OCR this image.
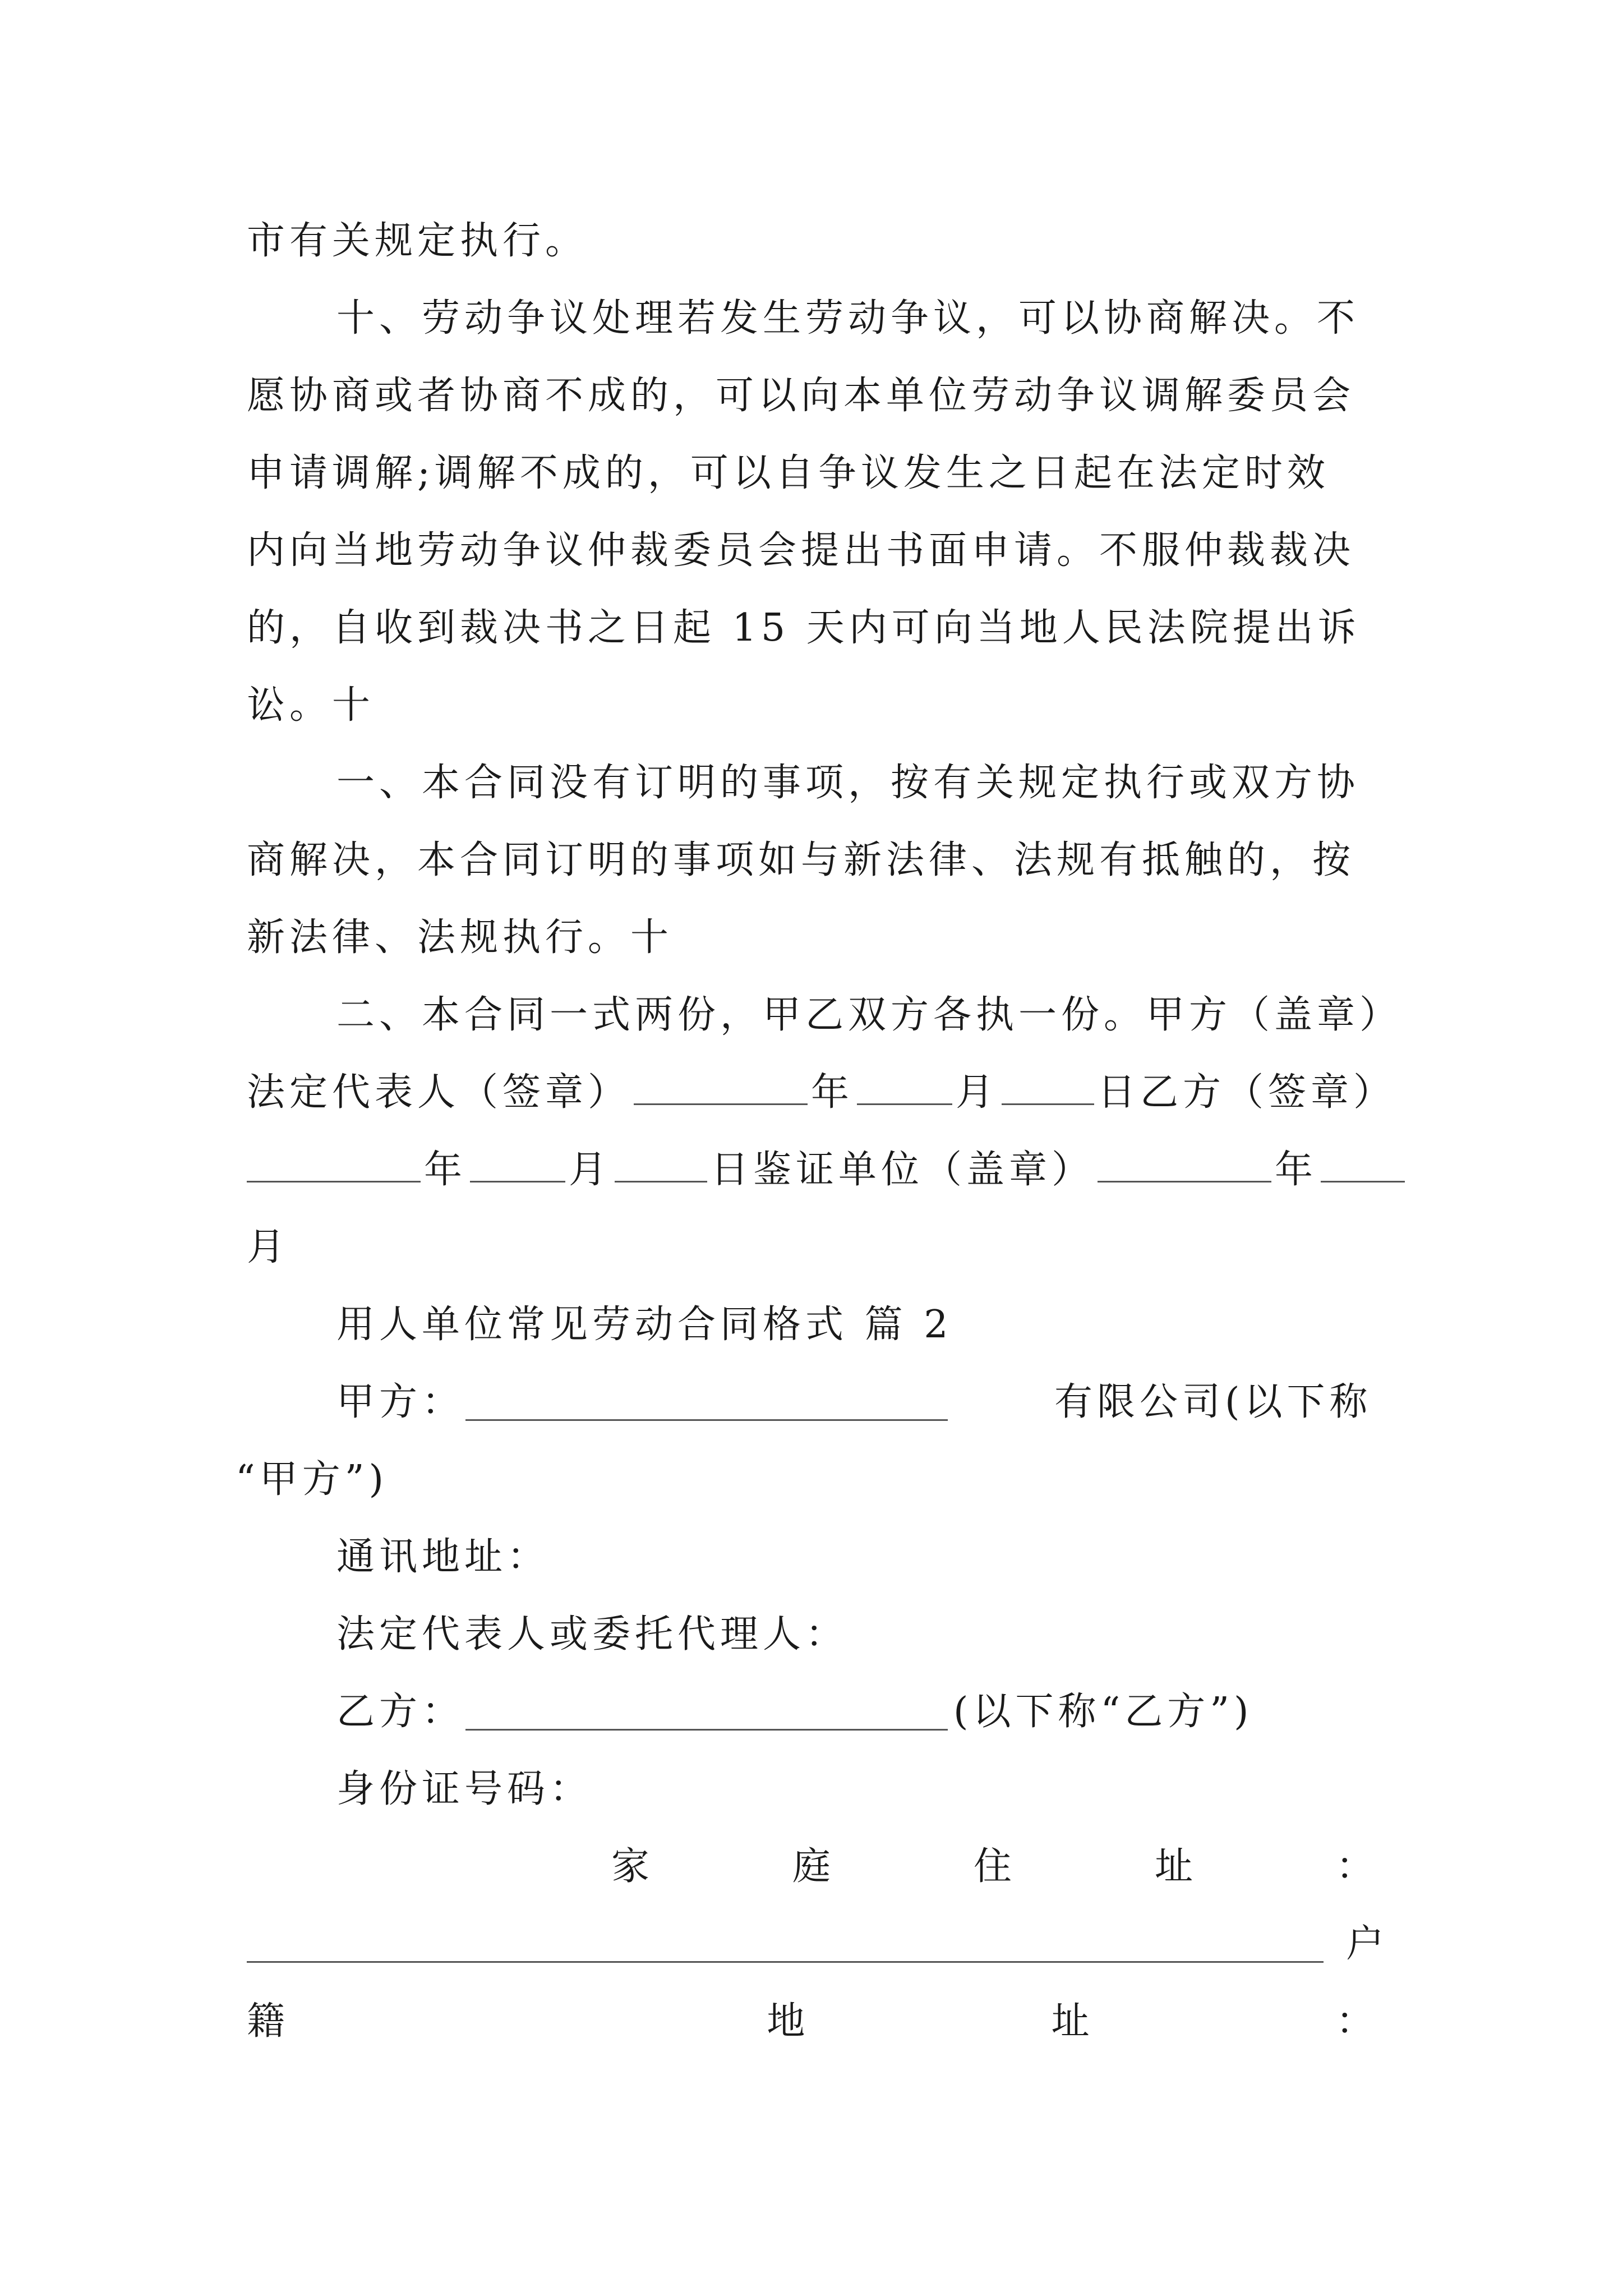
市有关规定执行。
十、劳动争议处理若发生劳动争议，可以协商解决。不
愿协商或者协商不成的，可以向本单位劳动争议调解委员会
申请调解;调解不成的，可以自争议发生之日起在法定时效
内向当地劳动争议仲裁委员会提出书面申请。不服仲裁裁决
的，自收到裁决书之日起 15 天内可向当地人民法院提出诉
讼。十
一、本合同没有订明的事项，按有关规定执行或双方协
商解决，本合同订明的事项如与新法律、法规有抵触的，按
新法律、法规执行。十
二、本合同一式两份，甲乙双方各执一份。甲方（盖章）
法定代表人（签章）	年	月	日乙方（签章）
年	月	日鉴证单位（盖章）	年
月
用人单位常见劳动合同格式 篇 2
甲方：	有限公司(以下称
“甲方”)
通讯地址：
法定代表人或委托代理人：
乙方：	(以下称“乙方”)
身份证号码：
家	庭	住	址	：
户
籍	地	址	：
